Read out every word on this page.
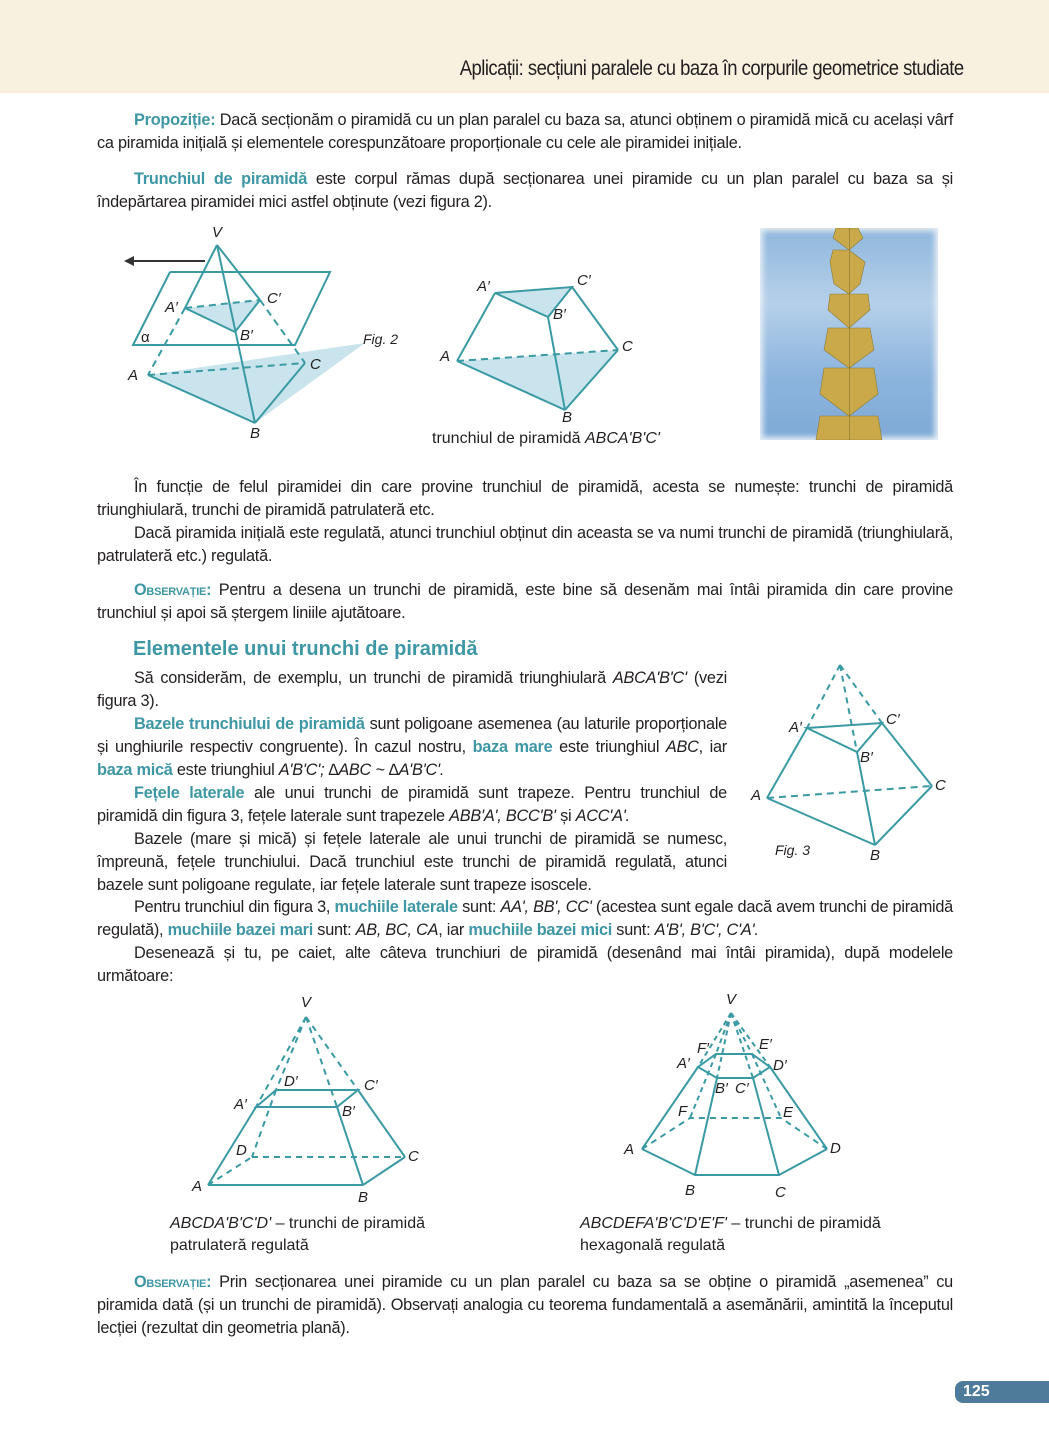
Aplicații: secțiuni paralele cu baza în corpurile geometrice studiate
Propoziție: Dacă secționăm o piramidă cu un plan paralel cu baza sa, atunci obținem o piramidă mică cu același vârf ca piramida inițială și elementele corespunzătoare proporționale cu cele ale piramidei inițiale.
Trunchiul de piramidă este corpul rămas după secționarea unei piramide cu un plan paralel cu baza sa și îndepărtarea piramidei mici astfel obținute (vezi figura 2).
V
A′
B′
C′
α
A
B
C
Fig. 2
A′	C′
B′
A
C
B
trunchiul de piramidă ABCA'B'C'
În funcție de felul piramidei din care provine trunchiul de piramidă, acesta se numește: trunchi de piramidă triunghiulară, trunchi de piramidă patrulateră etc.
Dacă piramida inițială este regulată, atunci trunchiul obținut din aceasta se va numi trunchi de piramidă (triunghiulară, patrulateră etc.) regulată.
Observație: Pentru a desena un trunchi de piramidă, este bine să desenăm mai întâi piramida din care provine trunchiul și apoi să ștergem liniile ajutătoare.
Elementele unui trunchi de piramidă
Să considerăm, de exemplu, un trunchi de piramidă triunghiulară ABCA'B'C' (vezi figura 3).
Bazele trunchiului de piramidă sunt poligoane asemenea (au laturile proporționale și unghiurile respectiv congruente). În cazul nostru, baza mare este triunghiul ABC, iar baza mică este triunghiul A'B'C'; ∆ABC ~ ∆A'B'C'.
Fețele laterale ale unui trunchi de piramidă sunt trapeze. Pentru trunchiul de piramidă din figura 3, fețele laterale sunt trapezele ABB'A', BCC'B' și ACC'A'.
Bazele (mare și mică) și fețele laterale ale unui trunchi de piramidă se numesc, împreună, fețele trunchiului. Dacă trunchiul este trunchi de piramidă regulată, atunci bazele sunt poligoane regulate, iar fețele laterale sunt trapeze isoscele.
A′	C′
B′
A
C
B
Fig. 3
Pentru trunchiul din figura 3, muchiile laterale sunt: AA', BB', CC' (acestea sunt egale dacă avem trunchi de piramidă regulată), muchiile bazei mari sunt: AB, BC, CA, iar muchiile bazei mici sunt: A'B', B'C', C'A'.
Desenează și tu, pe caiet, alte câteva trunchiuri de piramidă (desenând mai întâi piramida), după modelele următoare:
V
D′	C′
A′	B′
D	C
A
B
ABCDA'B'C'D' – trunchi de piramidă patrulateră regulată
V
F′	E′
A′	D′
B′ C′
F	E
A	D
B	C
ABCDEFA'B'C'D'E'F' – trunchi de piramidă hexagonală regulată
Observație: Prin secționarea unei piramide cu un plan paralel cu baza sa se obține o piramidă „asemenea” cu piramida dată (și un trunchi de piramidă). Observați analogia cu teorema fundamentală a asemănării, amintită la începutul lecției (rezultat din geometria plană).
125
